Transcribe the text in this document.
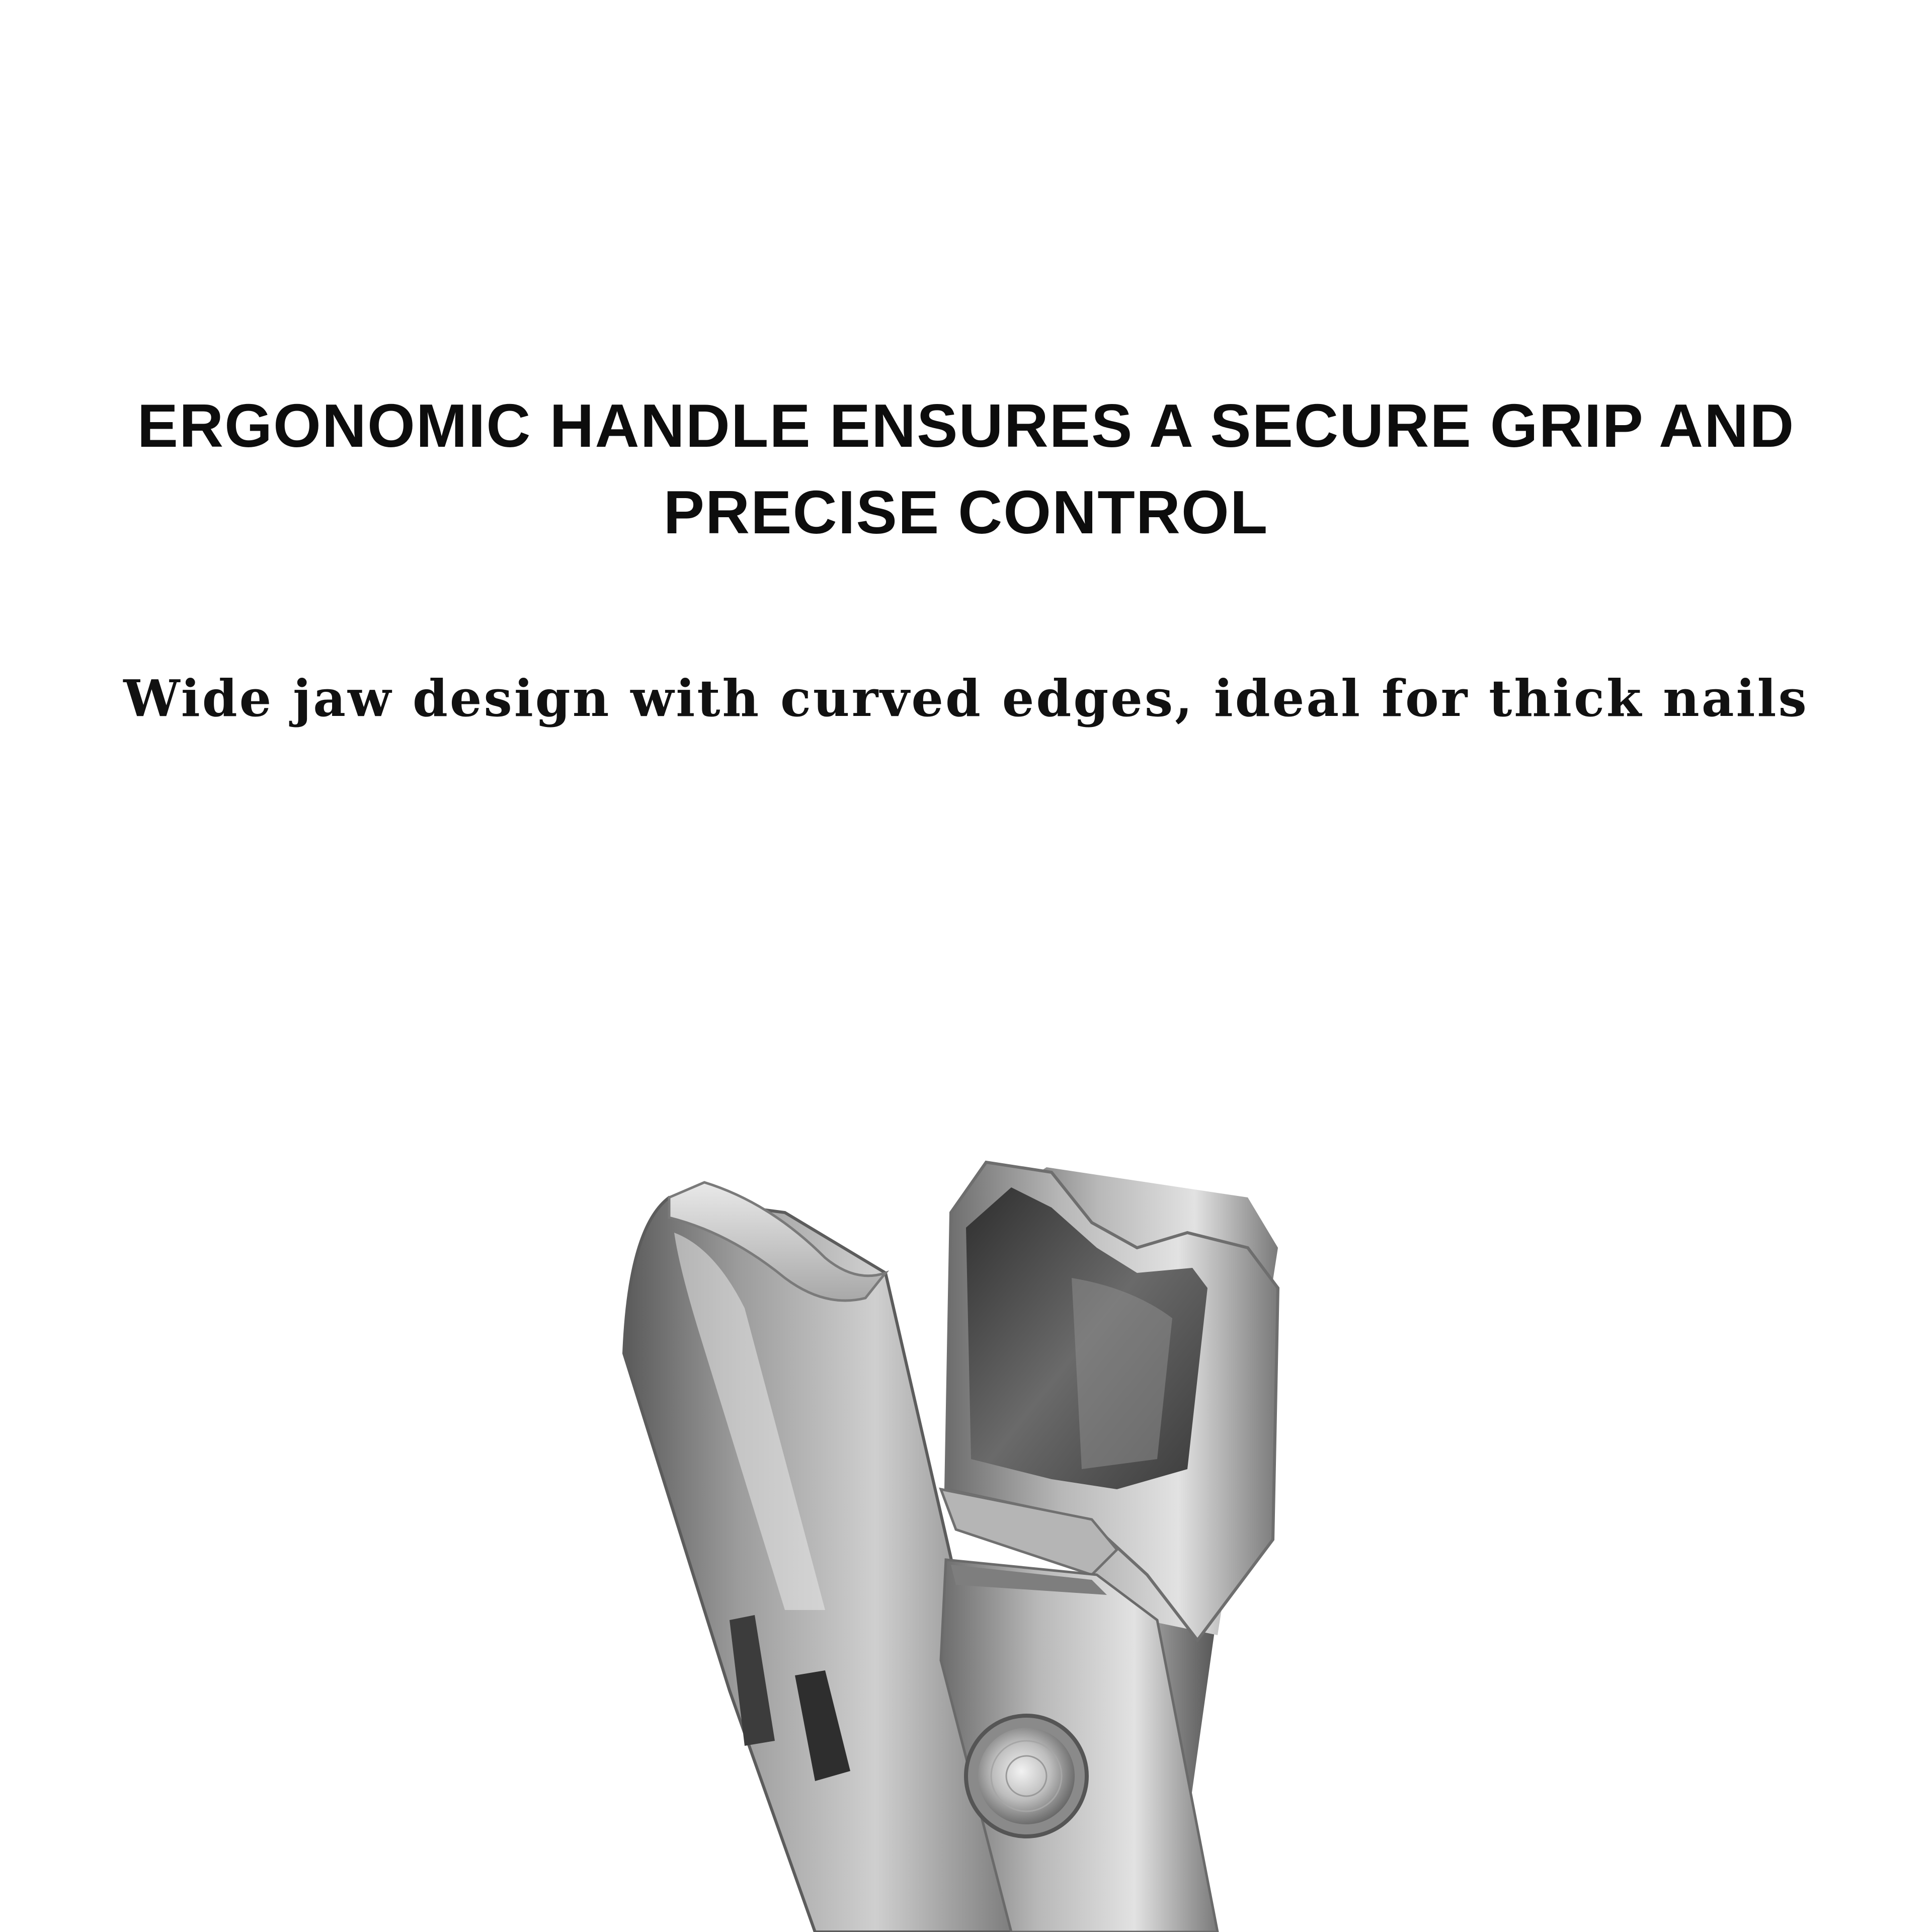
ERGONOMIC HANDLE ENSURES A SECURE GRIP AND
PRECISE CONTROL
Wide jaw design with curved edges, ideal for thick nails
